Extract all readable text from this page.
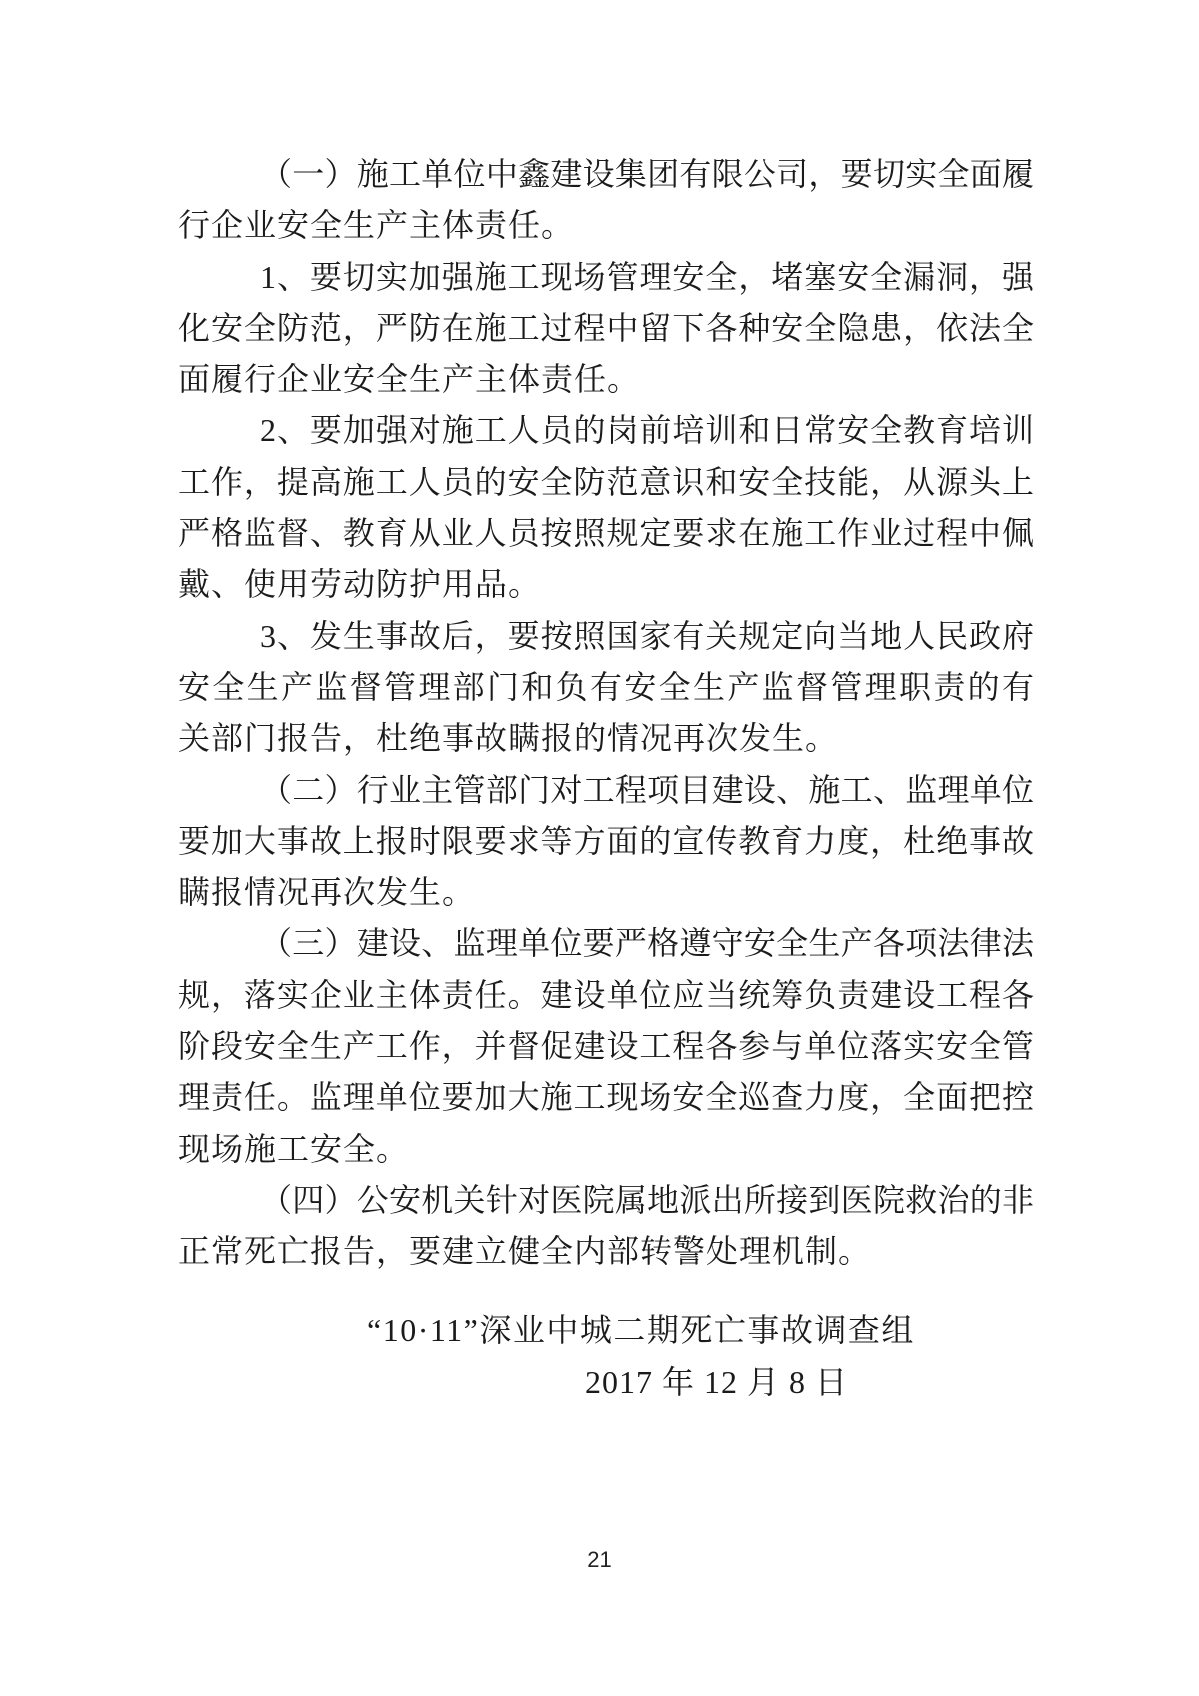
（一）施工单位中鑫建设集团有限公司，要切实全面履
行企业安全生产主体责任。
1、要切实加强施工现场管理安全，堵塞安全漏洞，强
化安全防范，严防在施工过程中留下各种安全隐患，依法全
面履行企业安全生产主体责任。
2、要加强对施工人员的岗前培训和日常安全教育培训
工作，提高施工人员的安全防范意识和安全技能，从源头上
严格监督、教育从业人员按照规定要求在施工作业过程中佩
戴、使用劳动防护用品。
3、发生事故后，要按照国家有关规定向当地人民政府
安全生产监督管理部门和负有安全生产监督管理职责的有
关部门报告，杜绝事故瞒报的情况再次发生。
（二）行业主管部门对工程项目建设、施工、监理单位
要加大事故上报时限要求等方面的宣传教育力度，杜绝事故
瞒报情况再次发生。
（三）建设、监理单位要严格遵守安全生产各项法律法
规，落实企业主体责任。建设单位应当统筹负责建设工程各
阶段安全生产工作，并督促建设工程各参与单位落实安全管
理责任。监理单位要加大施工现场安全巡查力度，全面把控
现场施工安全。
（四）公安机关针对医院属地派出所接到医院救治的非
正常死亡报告，要建立健全内部转警处理机制。
“10·11”深业中城二期死亡事故调查组
2017 年 12 月 8 日
21
